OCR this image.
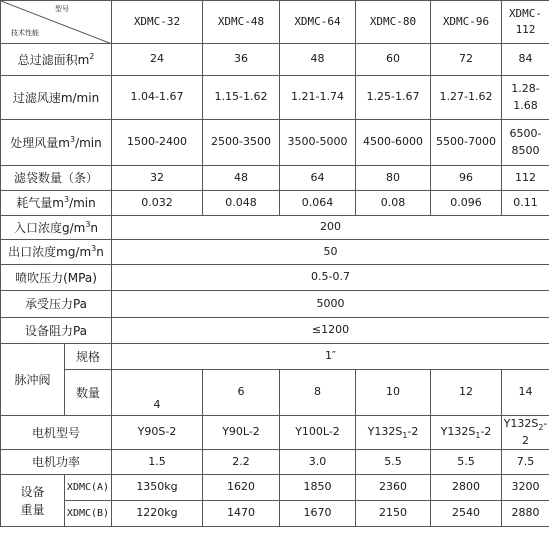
型号
技术性能		XDMC-32	XDMC-48	XDMC-64	XDMC-80	XDMC-96	XDMC-112
总过滤面积$m^2$		24	36	48	60	72	84
过滤风速m/min		1.04-1.67	1.15-1.62	1.21-1.74	1.25-1.67	1.27-1.62	1.28-1.68
处理风量$m^3/\min$		1500-2400	2500-3500	3500-5000	4500-6000	5500-7000	6500-8500
滤袋数量（条）		32	48	64	80	96	112
耗气量$m^3/\min$		0.032	0.048	0.064	0.08	0.096	0.11
入口浓度$g/m^3n$		200					
出口浓度$mg/m^3n$		50					
喷吹压力(MPa)		0.5-0.7					
承受压力Pa		5000					
设备阻力Pa		≤1200					
脉冲阀	规格	1″					
	数量	4	6	8	10	12	14
电机型号		Y90S-2	Y90L-2	Y100L-2	$Y132S_1-2$	$Y132S_1-2$	$Y132S_2-2$
电机功率		1.5	2.2	3.0	5.5	5.5	7.5
设备
重量	XDMC(A)	1350kg	1620	1850	2360	2800	3200
	XDMC(B)	1220kg	1470	1670	2150	2540	2880
